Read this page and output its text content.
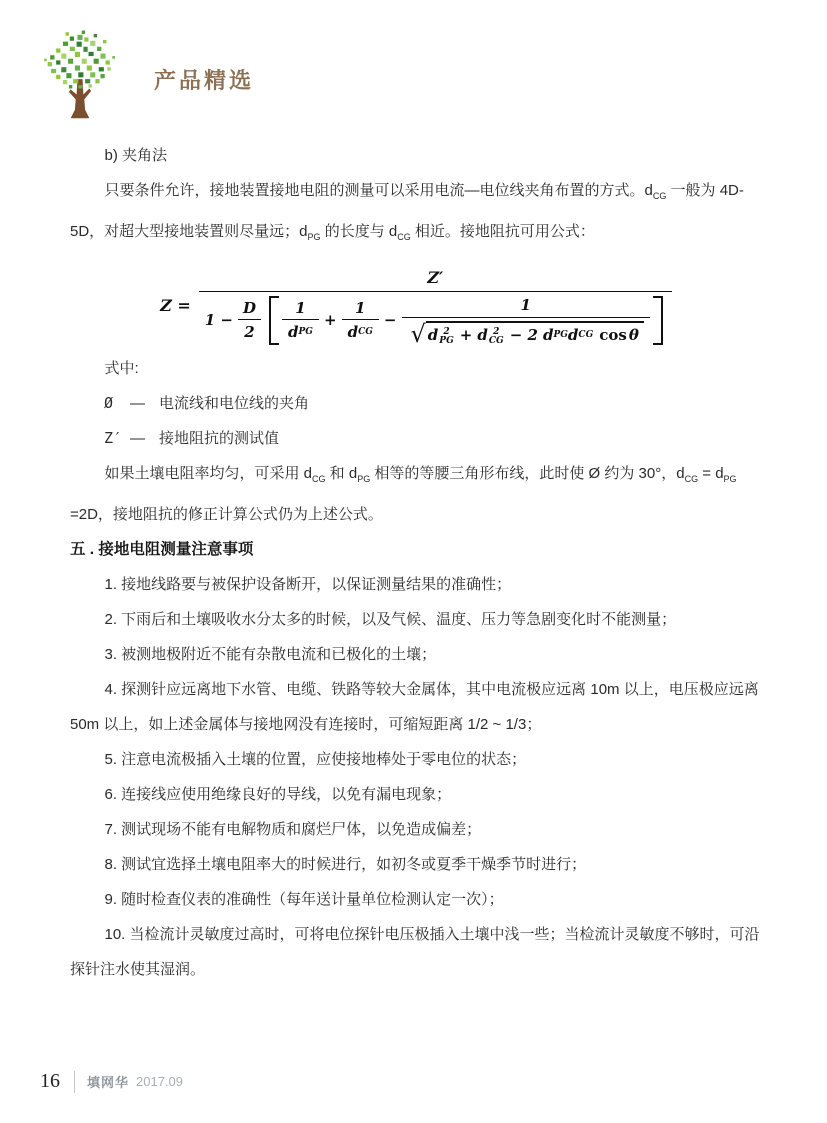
产品精选

b) 夹角法

只要条件允许，接地装置接地电阻的测量可以采用电流—电位线夹角布置的方式。$d_{CG}$ 一般为 4D-5D，对超大型接地装置则尽量远；$d_{PG}$ 的长度与 $d_{CG}$ 相近。接地阻抗可用公式：

Z =
Z′
$1 - \frac{D}{2} \frac{1}{\text{d PG}} + \frac{1}{\text{d CG}}$ −
1
√ d 2
PG + d 2
CG − 2 d PG d CG cos θ

式中:

Ø	— 电流线和电位线的夹角

Z′ — 接地阻抗的测试值

如果土壤电阻率均匀，可采用 $d_{CG}$ 和 $d_{PG}$ 相等的等腰三角形布线，此时使 Ø 约为 30°，$d_{CG} = d_{PG} =2D$，接地阻抗的修正计算公式仍为上述公式。

五 . 接地电阻测量注意事项

1. 接地线路要与被保护设备断开，以保证测量结果的准确性；

2. 下雨后和土壤吸收水分太多的时候，以及气候、温度、压力等急剧变化时不能测量；

3. 被测地极附近不能有杂散电流和已极化的土壤；

4. 探测针应远离地下水管、电缆、铁路等较大金属体，其中电流极应远离 10m 以上，电压极应远离 50m 以上，如上述金属体与接地网没有连接时，可缩短距离 1/2 ~ 1/3；

5. 注意电流极插入土壤的位置，应使接地棒处于零电位的状态；

6. 连接线应使用绝缘良好的导线，以免有漏电现象；

7. 测试现场不能有电解物质和腐烂尸体，以免造成偏差；

8. 测试宜选择土壤电阻率大的时候进行，如初冬或夏季干燥季节时进行；

9. 随时检查仪表的准确性（每年送计量单位检测认定一次）；

10. 当检流计灵敏度过高时，可将电位探针电压极插入土壤中浅一些；当检流计灵敏度不够时，可沿探针注水使其湿润。

16 填网华 2017.09
